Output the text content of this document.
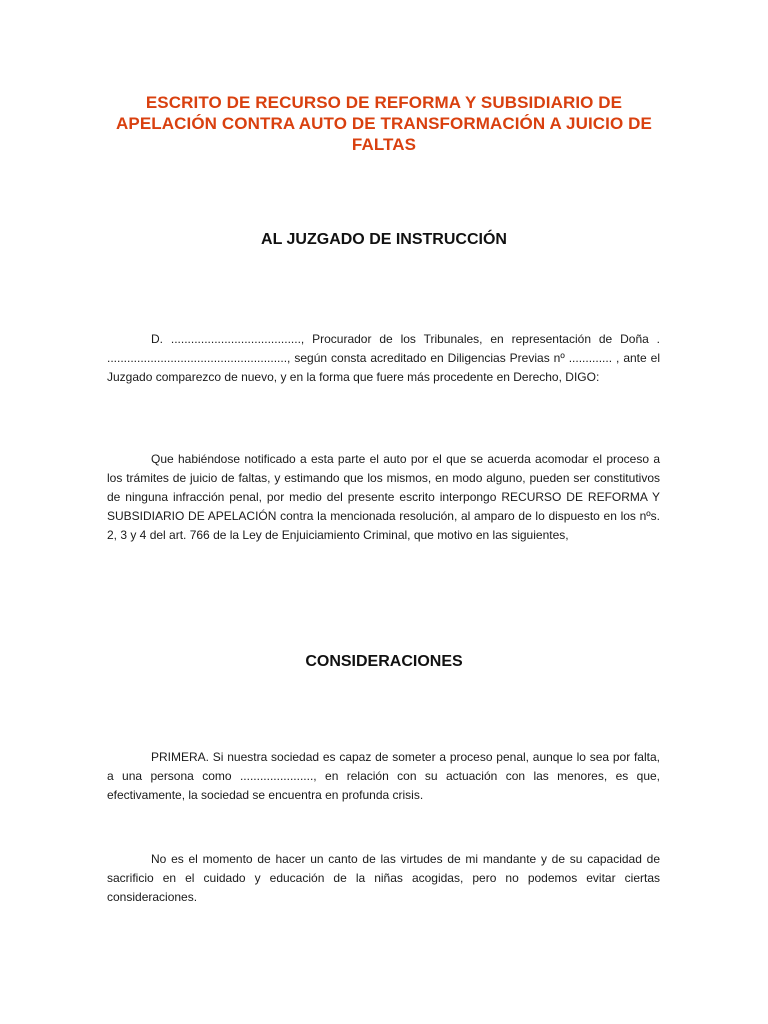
ESCRITO DE RECURSO DE REFORMA Y SUBSIDIARIO DE APELACIÓN CONTRA AUTO DE TRANSFORMACIÓN A JUICIO DE FALTAS
AL JUZGADO DE INSTRUCCIÓN

D. ......................................., Procurador de los Tribunales, en representación de Doña . ......................................................, según consta acreditado en Diligencias Previas nº ............. , ante el Juzgado comparezco de nuevo, y en la forma que fuere más procedente en Derecho, DIGO:

Que habiéndose notificado a esta parte el auto por el que se acuerda acomodar el proceso a los trámites de juicio de faltas, y estimando que los mismos, en modo alguno, pueden ser constitutivos de ninguna infracción penal, por medio del presente escrito interpongo RECURSO DE REFORMA Y SUBSIDIARIO DE APELACIÓN contra la mencionada resolución, al amparo de lo dispuesto en los nºs. 2, 3 y 4 del art. 766 de la Ley de Enjuiciamiento Criminal, que motivo en las siguientes,

CONSIDERACIONES

PRIMERA. Si nuestra sociedad es capaz de someter a proceso penal, aunque lo sea por falta, a una persona como ......................, en relación con su actuación con las menores, es que, efectivamente, la sociedad se encuentra en profunda crisis.

No es el momento de hacer un canto de las virtudes de mi mandante y de su capacidad de sacrificio en el cuidado y educación de la niñas acogidas, pero no podemos evitar ciertas consideraciones.
